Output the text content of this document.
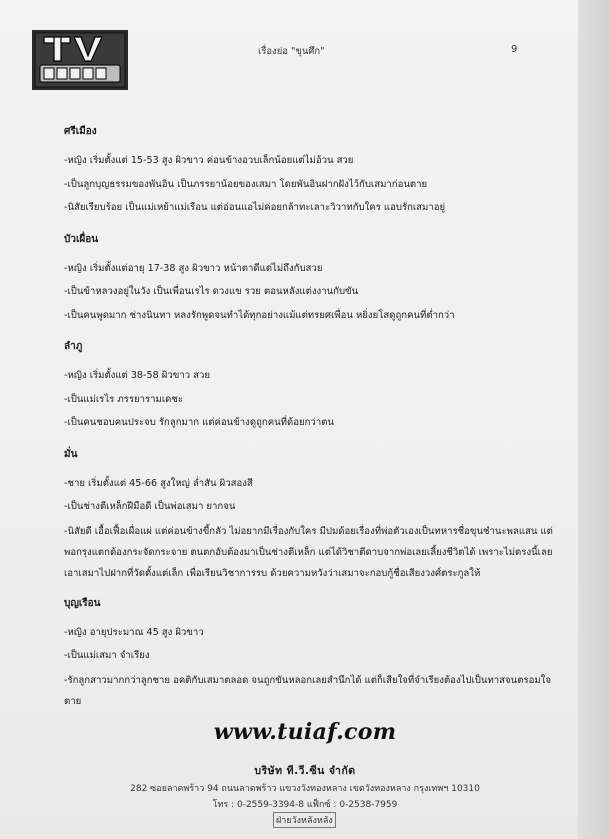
เรื่องย่อ "ขุนศึก"	9
ศรีเมือง

-หญิง เริ่มตั้งแต่ 15-53 สูง ผิวขาว ค่อนข้างอวบเล็กน้อยแต่ไม่อ้วน สวย

-เป็นลูกบุญธรรมของพันอิน เป็นภรรยาน้อยของเสมา โดยพันอินฝากฝังไว้กับเสมาก่อนตาย

-นิสัยเรียบร้อย เป็นแม่เหย้าแม่เรือน แต่อ่อนแอไม่ค่อยกล้าทะเลาะวิวาทกับใคร แอบรักเสมาอยู่

บัวเผื่อน

-หญิง เริ่มตั้งแต่อายุ 17-38 สูง ผิวขาว หน้าตาดีแต่ไม่ถึงกับสวย

-เป็นข้าหลวงอยู่ในวัง เป็นเพื่อนเรไร ดวงแข รวย ตอนหลังแต่งงานกับขัน

-เป็นคนพูดมาก ช่างนินทา หลงรักพูดจนทำได้ทุกอย่างแม้แต่ทรยศเพื่อน หยิ่งยโสดูถูกคนที่ต่ำกว่า

ลำภู

-หญิง เริ่มตั้งแต่ 38-58 ผิวขาว สวย

-เป็นแม่เรไร ภรรยารามเดชะ

-เป็นคนชอบคนประจบ รักลูกมาก แต่ค่อนข้างดูถูกคนที่ด้อยกว่าตน

มั่น

-ชาย เริ่มตั้งแต่ 45-66 สูงใหญ่ ล่ำสัน ผิวสองสี

-เป็นช่างตีเหล็กฝีมือดี เป็นพ่อเสมา ยากจน

-นิสัยดี เอื้อเฟื้อเผื่อแผ่ แต่ค่อนข้างขี้กลัว ไม่อยากมีเรื่องกับใคร มีปมด้อยเรื่องที่พ่อตัวเองเป็นทหารชื่อขุนชำนะพลแสน แต่พอกรุงแตกต้องกระจัดกระจาย ตนตกอับต้องมาเป็นช่างตีเหล็ก แต่ได้วิชาตีดาบจากพ่อเลยเลี้ยงชีวิตได้ เพราะไม่ตรงนี้เลยเอาเสมาไปฝากที่วัดตั้งแต่เล็ก เพื่อเรียนวิชาการรบ ด้วยความหวังว่าเสมาจะกอบกู้ชื่อเสียงวงศ์ตระกูลให้

บุญเรือน

-หญิง อายุประมาณ 45 สูง ผิวขาว

-เป็นแม่เสมา จำเรียง

-รักลูกสาวมากกว่าลูกชาย อคติกับเสมาตลอด จนถูกขันหลอกเลยสำนึกได้ แต่ก็เสียใจที่จำเรียงต้องไปเป็นทาสจนตรอมใจตาย

www.tuiaf.com
บริษัท ที.วี.ซีน จำกัด
282 ซอยลาดพร้าว 94 ถนนลาดพร้าว แขวงวังทองหลาง เขตวังทองหลาง กรุงเทพฯ 10310
โทร : 0-2559-3394-8 แฟ็กซ์ : 0-2538-7959
ฝ่ายวังหลังหลัง
